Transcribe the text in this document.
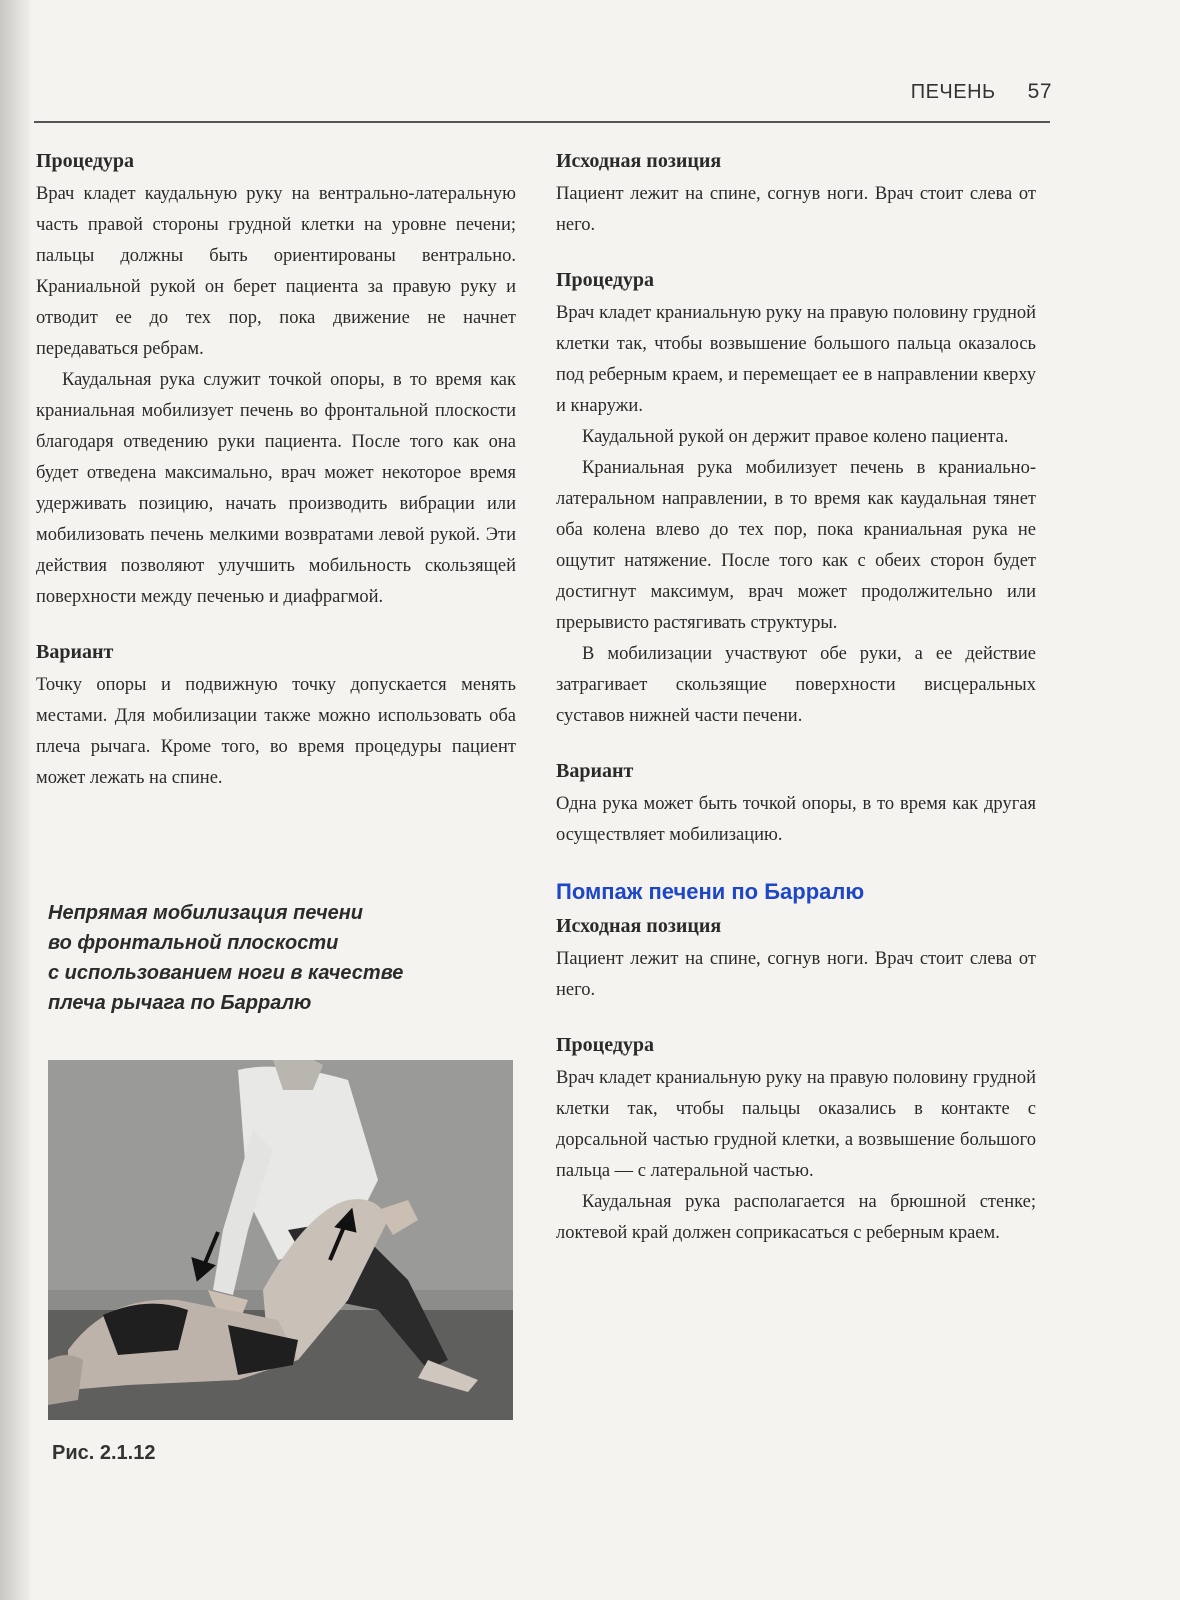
ПЕЧЕНЬ 57
Процедура

Врач кладет каудальную руку на вентрально-латеральную часть правой стороны грудной клетки на уровне печени; пальцы должны быть ориентированы вентрально. Краниальной рукой он берет пациента за правую руку и отводит ее до тех пор, пока движение не начнет передаваться ребрам.

Каудальная рука служит точкой опоры, в то время как краниальная мобилизует печень во фронтальной плоскости благодаря отведению руки пациента. После того как она будет отведена максимально, врач может некоторое время удерживать позицию, начать производить вибрации или мобилизовать печень мелкими возвратами левой рукой. Эти действия позволяют улучшить мобильность скользящей поверхности между печенью и диафрагмой.

Вариант

Точку опоры и подвижную точку допускается менять местами. Для мобилизации также можно использовать оба плеча рычага. Кроме того, во время процедуры пациент может лежать на спине.

Непрямая мобилизация печени
во фронтальной плоскости
с использованием ноги в качестве
плеча рычага по Барралю
Рис. 2.1.12
Исходная позиция

Пациент лежит на спине, согнув ноги. Врач стоит слева от него.

Процедура

Врач кладет краниальную руку на правую половину грудной клетки так, чтобы возвышение большого пальца оказалось под реберным краем, и перемещает ее в направлении кверху и кнаружи.

Каудальной рукой он держит правое колено пациента.

Краниальная рука мобилизует печень в краниально-латеральном направлении, в то время как каудальная тянет оба колена влево до тех пор, пока краниальная рука не ощутит натяжение. После того как с обеих сторон будет достигнут максимум, врач может продолжительно или прерывисто растягивать структуры.

В мобилизации участвуют обе руки, а ее действие затрагивает скользящие поверхности висцеральных суставов нижней части печени.

Вариант

Одна рука может быть точкой опоры, в то время как другая осуществляет мобилизацию.

Помпаж печени по Барралю
Исходная позиция

Пациент лежит на спине, согнув ноги. Врач стоит слева от него.

Процедура

Врач кладет краниальную руку на правую половину грудной клетки так, чтобы пальцы оказались в контакте с дорсальной частью грудной клетки, а возвышение большого пальца — с латеральной частью.

Каудальная рука располагается на брюшной стенке; локтевой край должен соприкасаться с реберным краем.
